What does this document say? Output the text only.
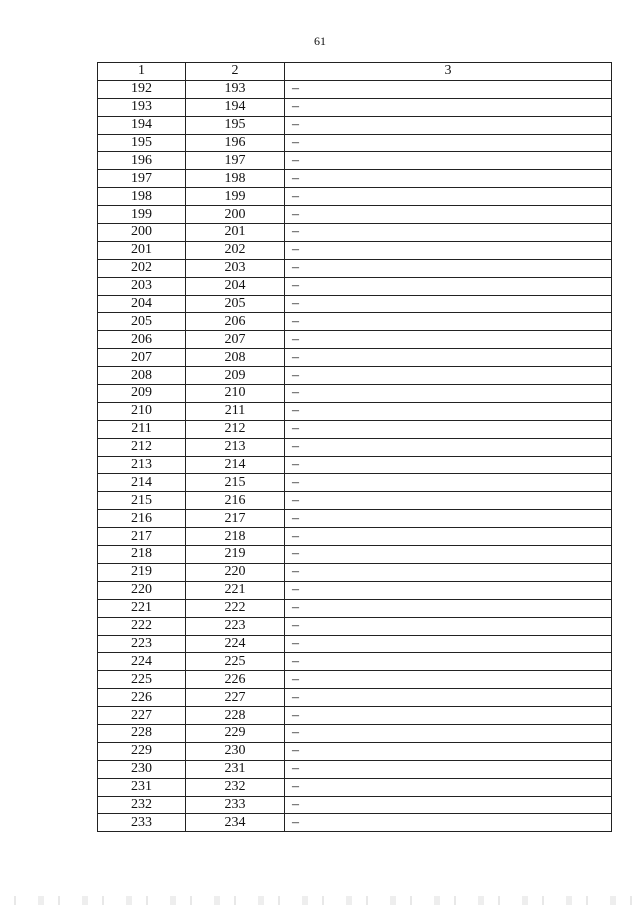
61
1	2	3
192	193	–
193	194	–
194	195	–
195	196	–
196	197	–
197	198	–
198	199	–
199	200	–
200	201	–
201	202	–
202	203	–
203	204	–
204	205	–
205	206	–
206	207	–
207	208	–
208	209	–
209	210	–
210	211	–
211	212	–
212	213	–
213	214	–
214	215	–
215	216	–
216	217	–
217	218	–
218	219	–
219	220	–
220	221	–
221	222	–
222	223	–
223	224	–
224	225	–
225	226	–
226	227	–
227	228	–
228	229	–
229	230	–
230	231	–
231	232	–
232	233	–
233	234	–
